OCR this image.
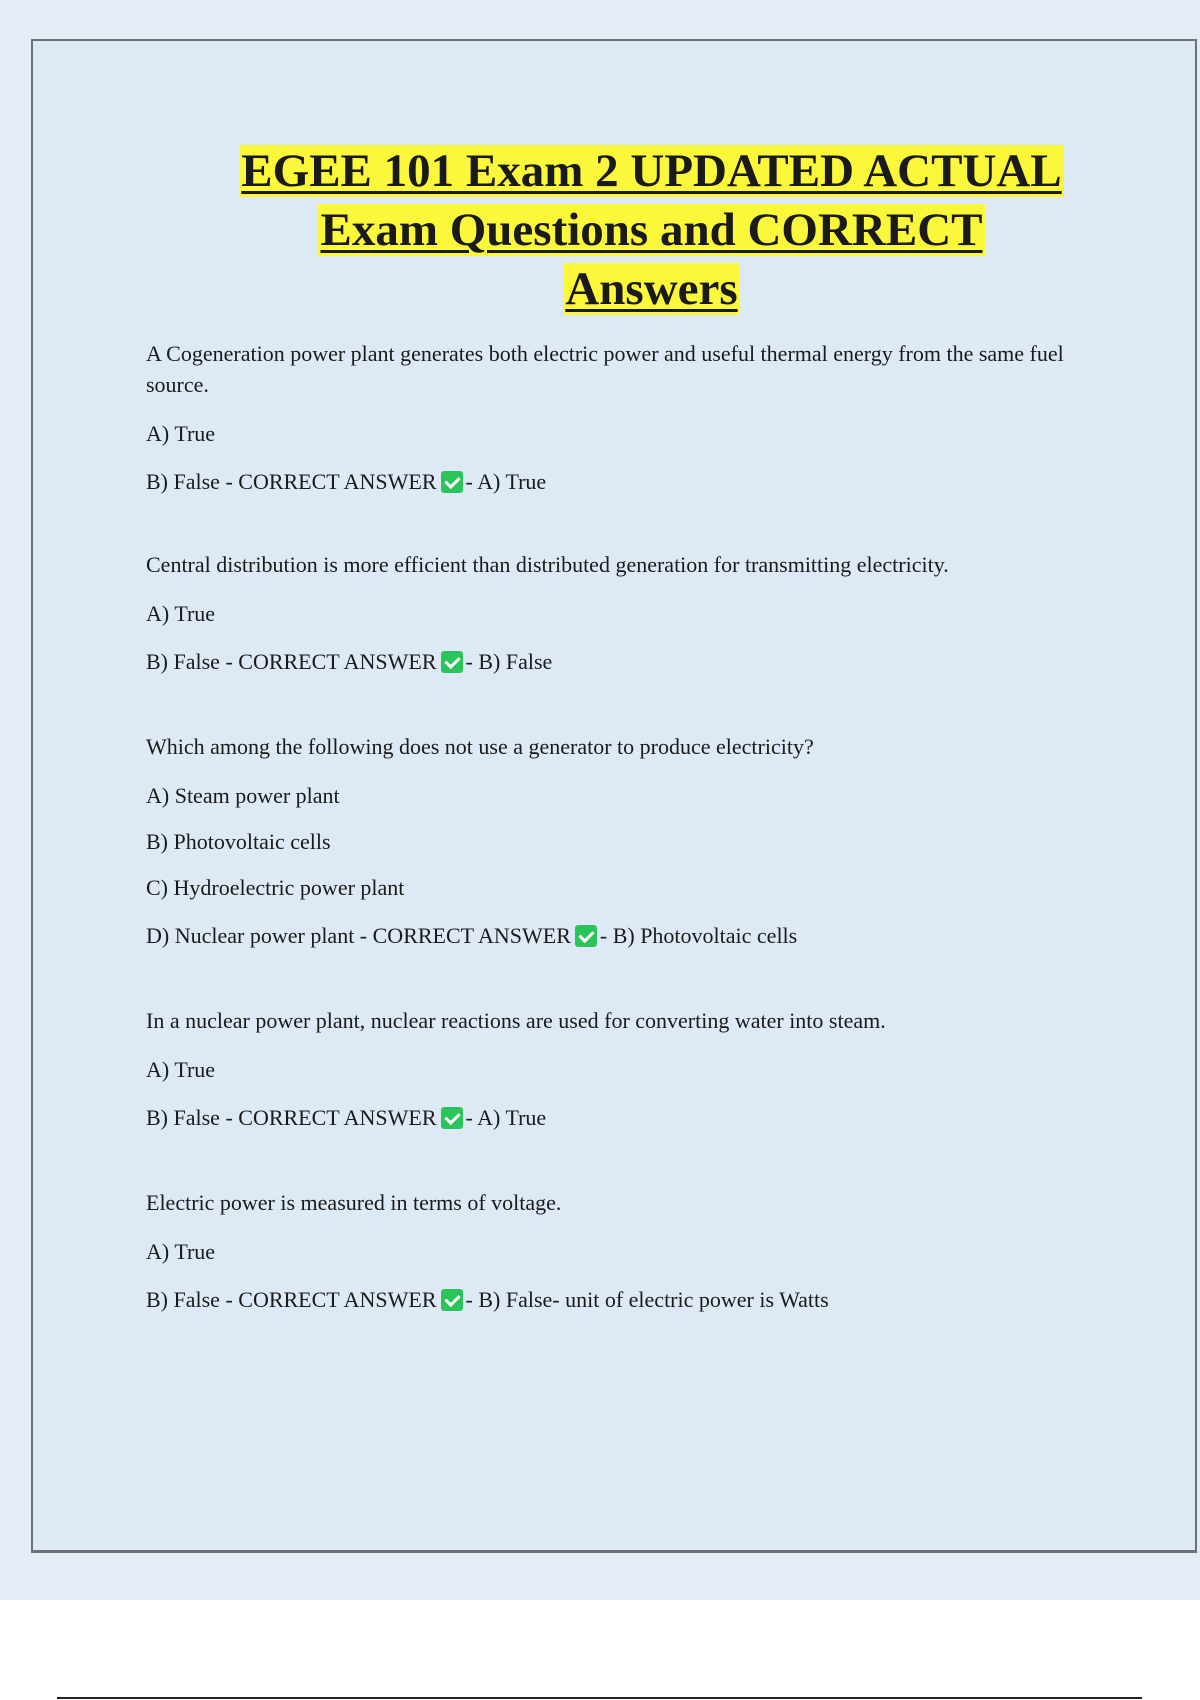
EGEE 101 Exam 2 UPDATED ACTUAL
Exam Questions and CORRECT
Answers

A Cogeneration power plant generates both electric power and useful thermal energy from the same fuel source.

A) True

B) False - CORRECT ANSWER - A) True

Central distribution is more efficient than distributed generation for transmitting electricity.

A) True

B) False - CORRECT ANSWER - B) False

Which among the following does not use a generator to produce electricity?

A) Steam power plant

B) Photovoltaic cells

C) Hydroelectric power plant

D) Nuclear power plant - CORRECT ANSWER - B) Photovoltaic cells

In a nuclear power plant, nuclear reactions are used for converting water into steam.

A) True

B) False - CORRECT ANSWER - A) True

Electric power is measured in terms of voltage.

A) True

B) False - CORRECT ANSWER - B) False- unit of electric power is Watts
